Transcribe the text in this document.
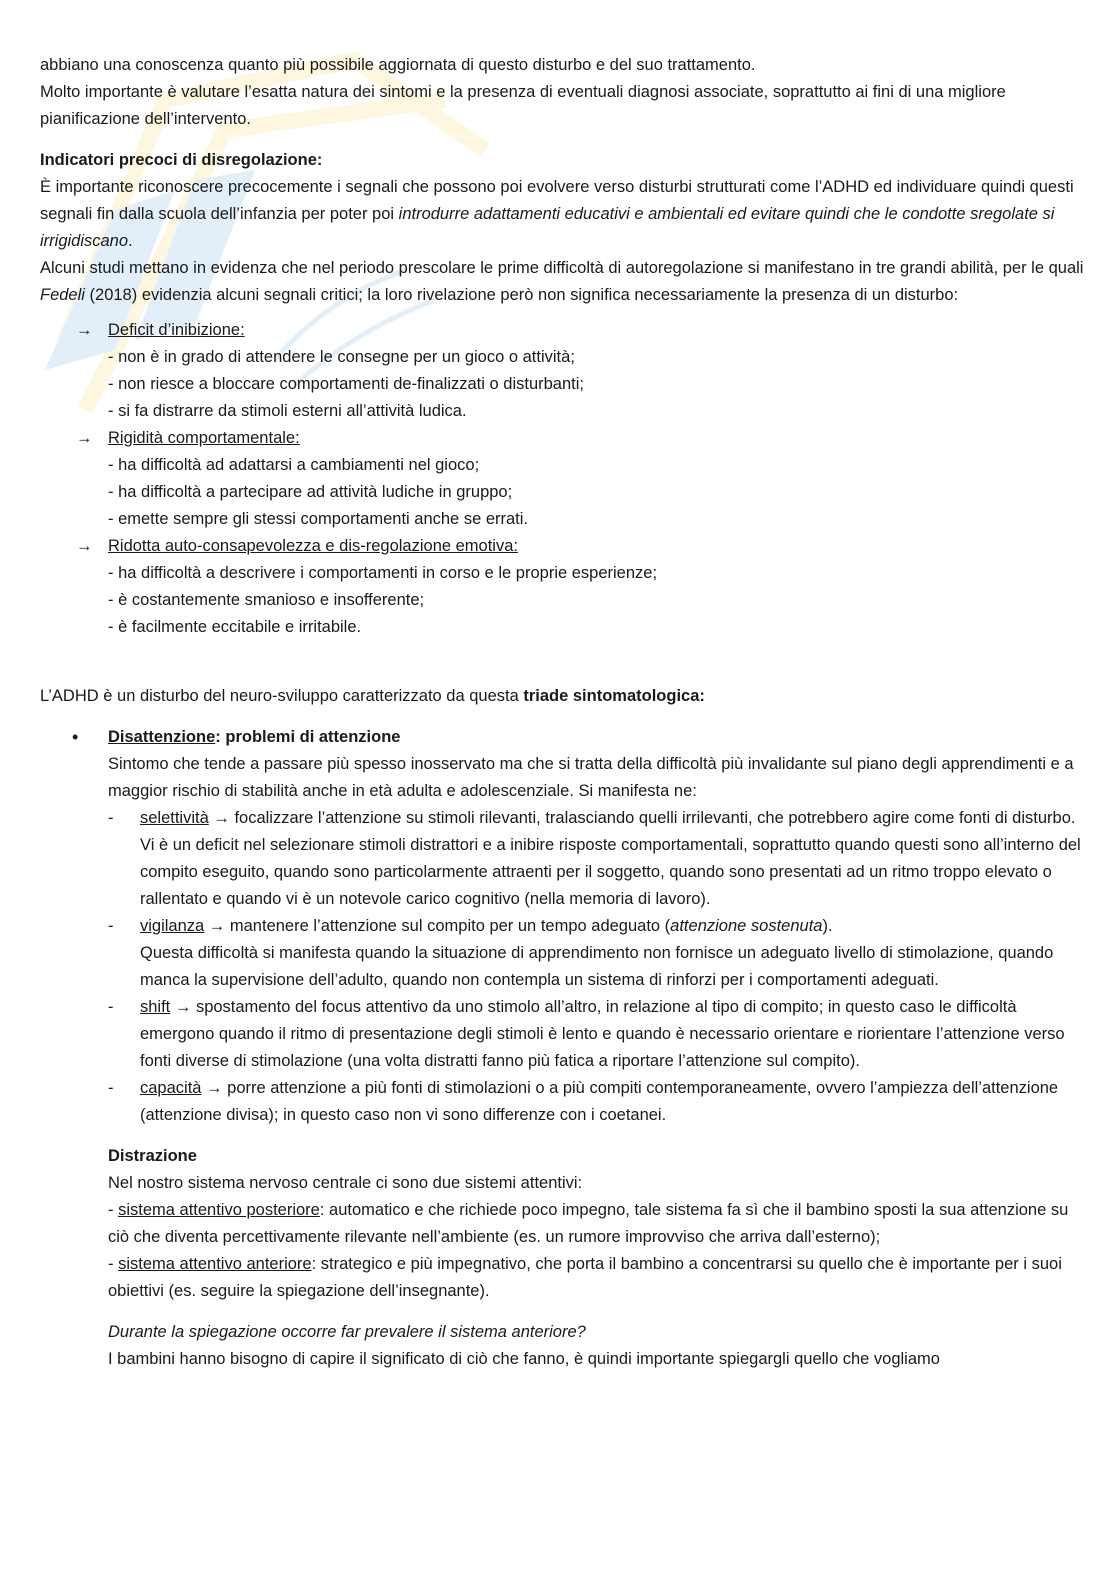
abbiano una conoscenza quanto più possibile aggiornata di questo disturbo e del suo trattamento.

Molto importante è valutare l’esatta natura dei sintomi e la presenza di eventuali diagnosi associate, soprattutto ai fini di una migliore pianificazione dell’intervento.

Indicatori precoci di disregolazione:

È importante riconoscere precocemente i segnali che possono poi evolvere verso disturbi strutturati come l’ADHD ed individuare quindi questi segnali fin dalla scuola dell’infanzia per poter poi introdurre adattamenti educativi e ambientali ed evitare quindi che le condotte sregolate si irrigidiscano.

Alcuni studi mettano in evidenza che nel periodo prescolare le prime difficoltà di autoregolazione si manifestano in tre grandi abilità, per le quali Fedeli (2018) evidenzia alcuni segnali critici; la loro rivelazione però non significa necessariamente la presenza di un disturbo:

→ Deficit d’inibizione:
- non è in grado di attendere le consegne per un gioco o attività;
- non riesce a bloccare comportamenti de-finalizzati o disturbanti;
- si fa distrarre da stimoli esterni all’attività ludica.
→ Rigidità comportamentale:
- ha difficoltà ad adattarsi a cambiamenti nel gioco;
- ha difficoltà a partecipare ad attività ludiche in gruppo;
- emette sempre gli stessi comportamenti anche se errati.
→ Ridotta auto-consapevolezza e dis-regolazione emotiva:
- ha difficoltà a descrivere i comportamenti in corso e le proprie esperienze;
- è costantemente smanioso e insofferente;
- è facilmente eccitabile e irritabile.

L’ADHD è un disturbo del neuro-sviluppo caratterizzato da questa triade sintomatologica:

• Disattenzione: problemi di attenzione
Sintomo che tende a passare più spesso inosservato ma che si tratta della difficoltà più invalidante sul piano degli apprendimenti e a maggior rischio di stabilità anche in età adulta e adolescenziale. Si manifesta ne:
- selettività → focalizzare l’attenzione su stimoli rilevanti, tralasciando quelli irrilevanti, che potrebbero agire come fonti di disturbo. Vi è un deficit nel selezionare stimoli distrattori e a inibire risposte comportamentali, soprattutto quando questi sono all’interno del compito eseguito, quando sono particolarmente attraenti per il soggetto, quando sono presentati ad un ritmo troppo elevato o rallentato e quando vi è un notevole carico cognitivo (nella memoria di lavoro).
- vigilanza → mantenere l’attenzione sul compito per un tempo adeguato (attenzione sostenuta).
Questa difficoltà si manifesta quando la situazione di apprendimento non fornisce un adeguato livello di stimolazione, quando manca la supervisione dell’adulto, quando non contempla un sistema di rinforzi per i comportamenti adeguati.
- shift → spostamento del focus attentivo da uno stimolo all’altro, in relazione al tipo di compito; in questo caso le difficoltà emergono quando il ritmo di presentazione degli stimoli è lento e quando è necessario orientare e riorientare l’attenzione verso fonti diverse di stimolazione (una volta distratti fanno più fatica a riportare l’attenzione sul compito).
- capacità → porre attenzione a più fonti di stimolazioni o a più compiti contemporaneamente, ovvero l’ampiezza dell’attenzione (attenzione divisa); in questo caso non vi sono differenze con i coetanei.
Distrazione
Nel nostro sistema nervoso centrale ci sono due sistemi attentivi:
- sistema attentivo posteriore: automatico e che richiede poco impegno, tale sistema fa sì che il bambino sposti la sua attenzione su ciò che diventa percettivamente rilevante nell’ambiente (es. un rumore improvviso che arriva dall’esterno);
- sistema attentivo anteriore: strategico e più impegnativo, che porta il bambino a concentrarsi su quello che è importante per i suoi obiettivi (es. seguire la spiegazione dell’insegnante).
Durante la spiegazione occorre far prevalere il sistema anteriore?
I bambini hanno bisogno di capire il significato di ciò che fanno, è quindi importante spiegargli quello che vogliamo
